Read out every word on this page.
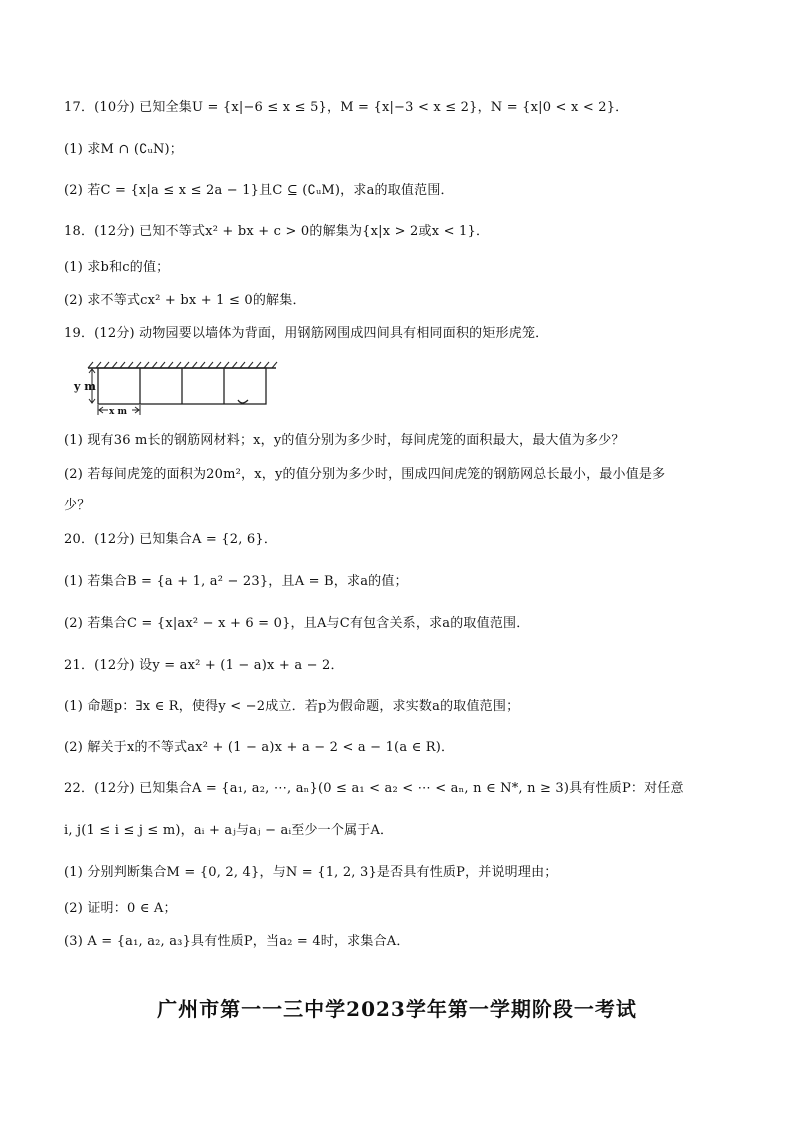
17．(10分) 已知全集U = {x|−6 ≤ x ≤ 5}，M = {x|−3 < x ≤ 2}，N = {x|0 < x < 2}．
(1) 求M ∩ (∁ᵤN)；
(2) 若C = {x|a ≤ x ≤ 2a − 1}且C ⊆ (∁ᵤM)，求a的取值范围．
18．(12分) 已知不等式x² + bx + c > 0的解集为{x|x > 2或x < 1}．
(1) 求b和c的值；
(2) 求不等式cx² + bx + 1 ≤ 0的解集．
19．(12分) 动物园要以墙体为背面，用钢筋网围成四间具有相同面积的矩形虎笼．
y m
x m
(1) 现有36 m长的钢筋网材料；x，y的值分别为多少时，每间虎笼的面积最大，最大值为多少？
(2) 若每间虎笼的面积为20m²，x，y的值分别为多少时，围成四间虎笼的钢筋网总长最小，最小值是多
少？
20．(12分) 已知集合A = {2, 6}．
(1) 若集合B = {a + 1, a² − 23}，且A = B，求a的值；
(2) 若集合C = {x|ax² − x + 6 = 0}，且A与C有包含关系，求a的取值范围．
21．(12分) 设y = ax² + (1 − a)x + a − 2．
(1) 命题p：∃x ∈ R，使得y < −2成立．若p为假命题，求实数a的取值范围；
(2) 解关于x的不等式ax² + (1 − a)x + a − 2 < a − 1(a ∈ R)．
22．(12分) 已知集合A = {a₁, a₂, ⋯, aₙ}(0 ≤ a₁ < a₂ < ⋯ < aₙ, n ∈ N*, n ≥ 3)具有性质P：对任意
i, j(1 ≤ i ≤ j ≤ m)，aᵢ + aⱼ与aⱼ − aᵢ至少一个属于A．
(1) 分别判断集合M = {0, 2, 4}，与N = {1, 2, 3}是否具有性质P，并说明理由；
(2) 证明：0 ∈ A；
(3) A = {a₁, a₂, a₃}具有性质P，当a₂ = 4时，求集合A．
广州市第一一三中学2023学年第一学期阶段一考试
